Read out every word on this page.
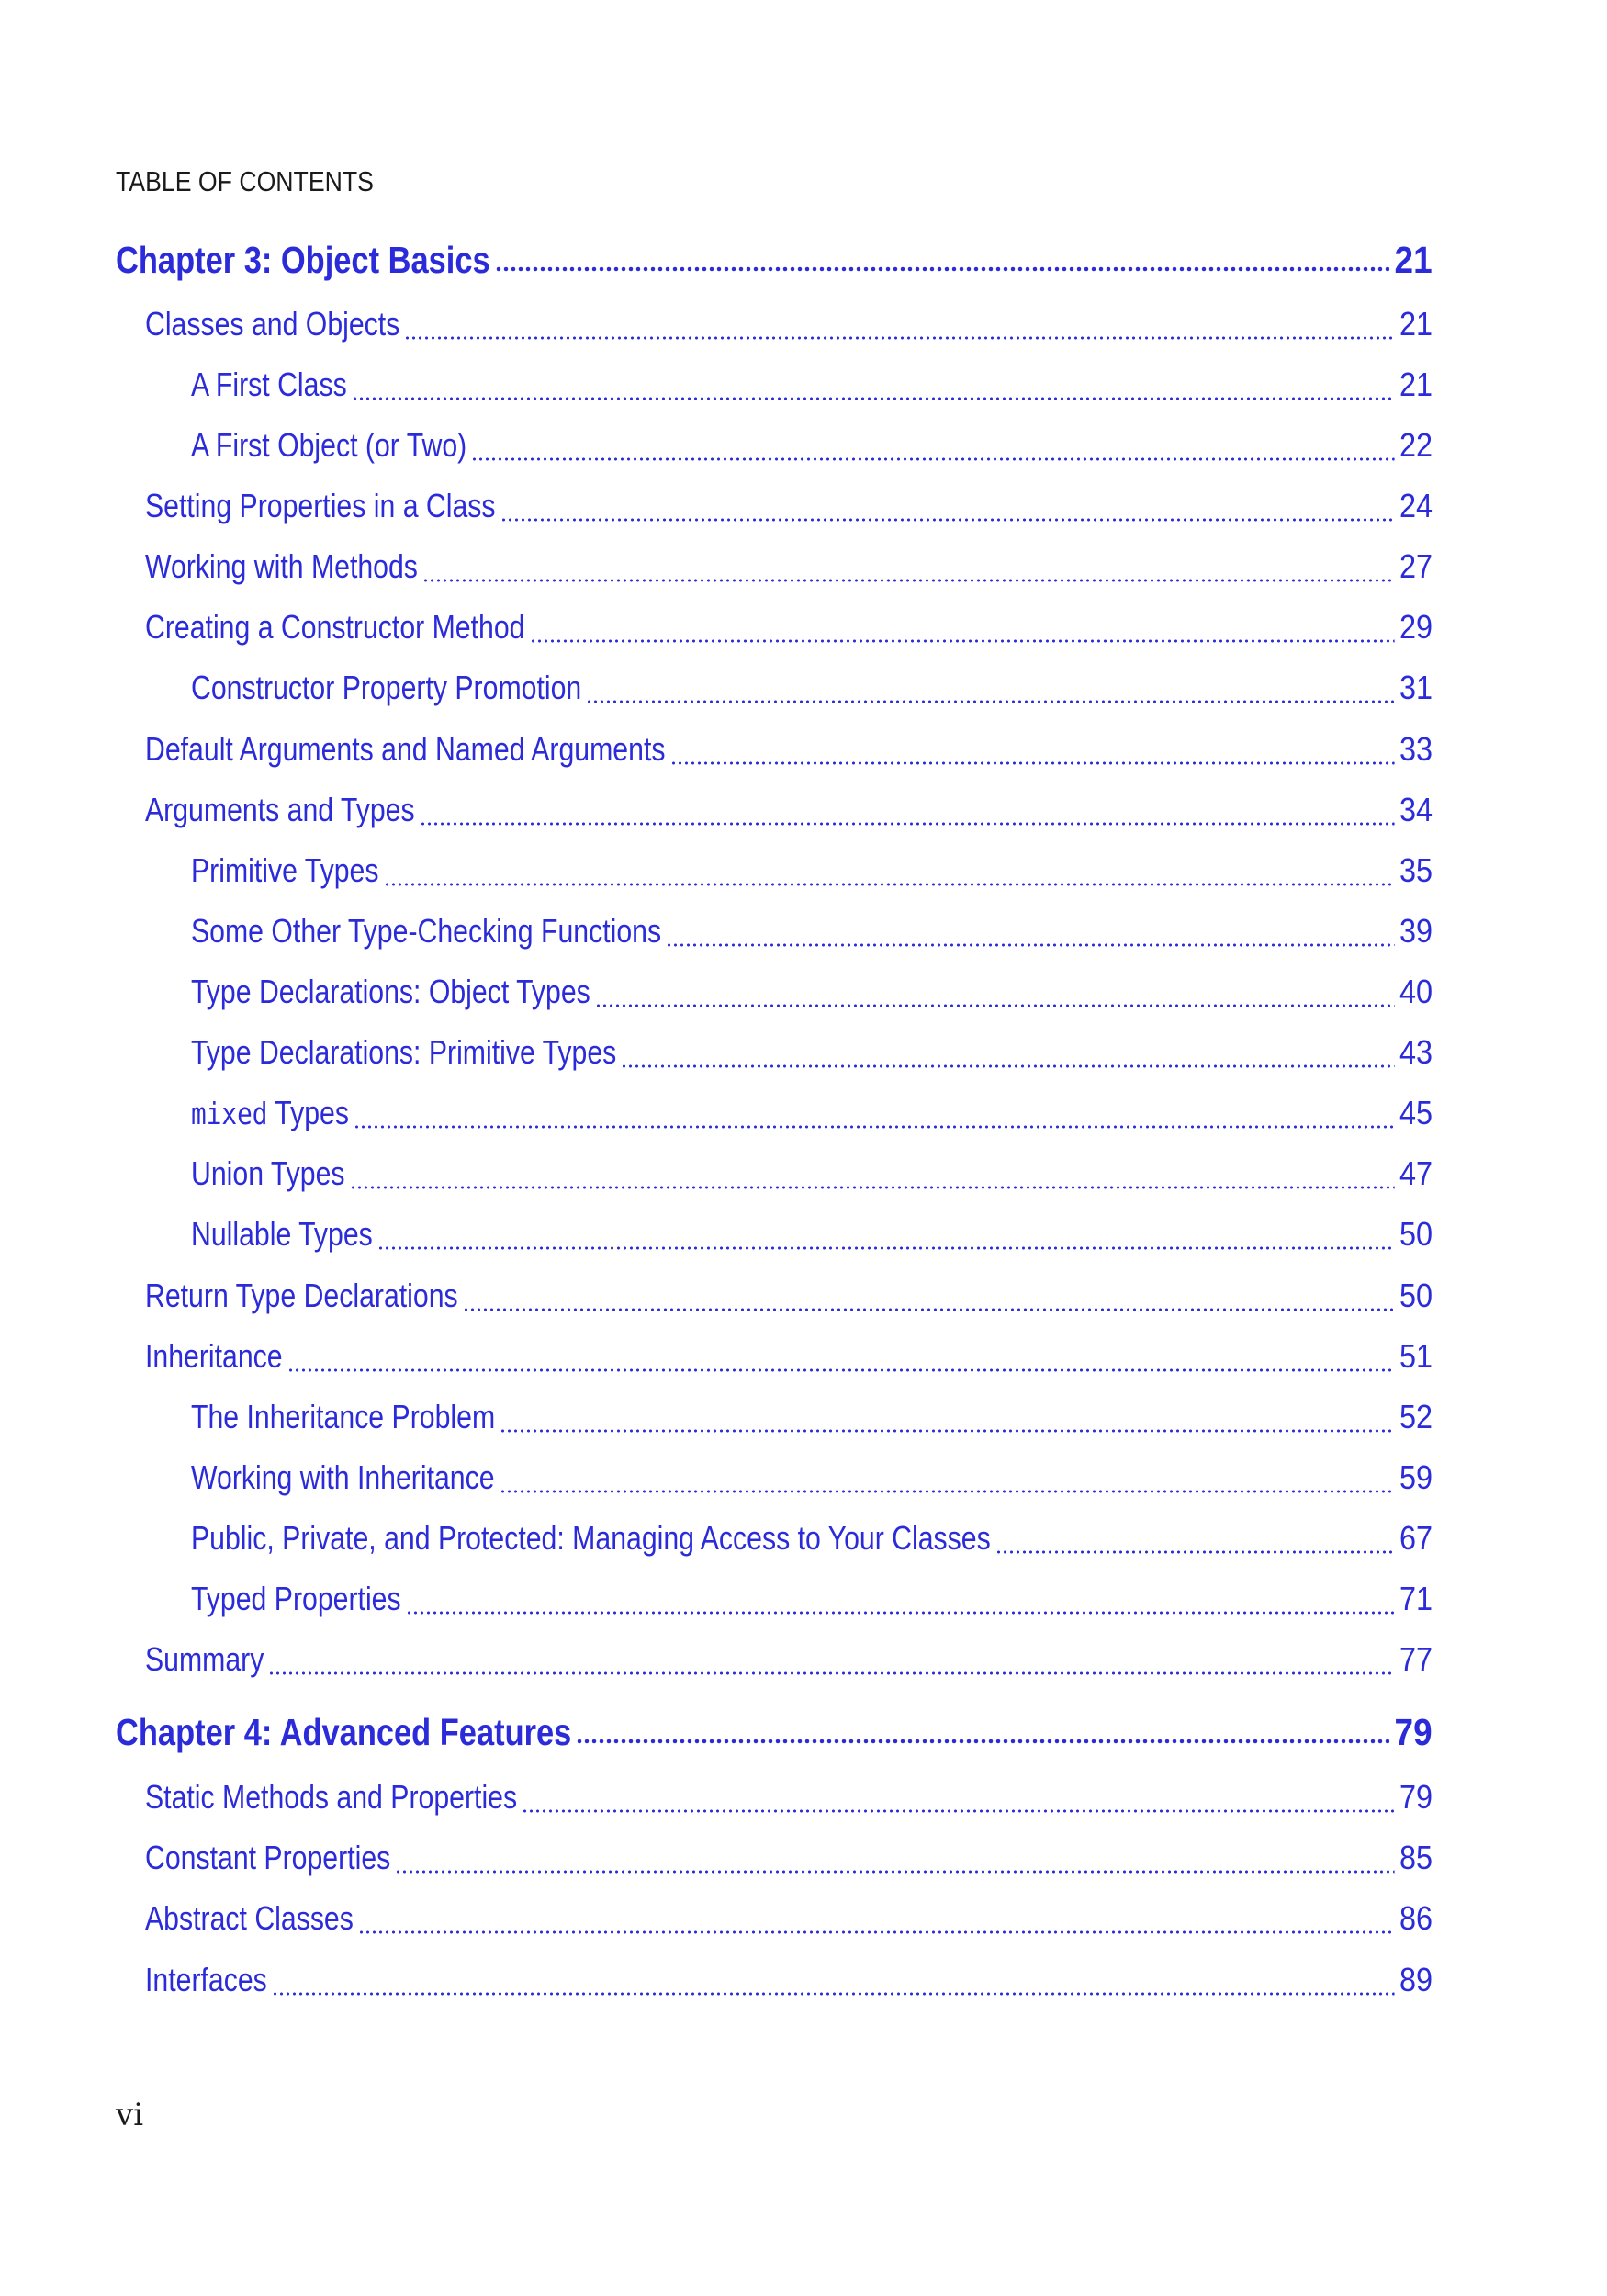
TABLE OF CONTENTS
Chapter 3: Object Basics	21
Classes and Objects	21
A First Class	21
A First Object (or Two)	22
Setting Properties in a Class	24
Working with Methods	27
Creating a Constructor Method	29
Constructor Property Promotion	31
Default Arguments and Named Arguments	33
Arguments and Types	34
Primitive Types	35
Some Other Type-Checking Functions	39
Type Declarations: Object Types	40
Type Declarations: Primitive Types	43
mixed Types	45
Union Types	47
Nullable Types	50
Return Type Declarations	50
Inheritance	51
The Inheritance Problem	52
Working with Inheritance	59
Public, Private, and Protected: Managing Access to Your Classes	67
Typed Properties	71
Summary	77
Chapter 4: Advanced Features	79
Static Methods and Properties	79
Constant Properties	85
Abstract Classes	86
Interfaces	89
vi
